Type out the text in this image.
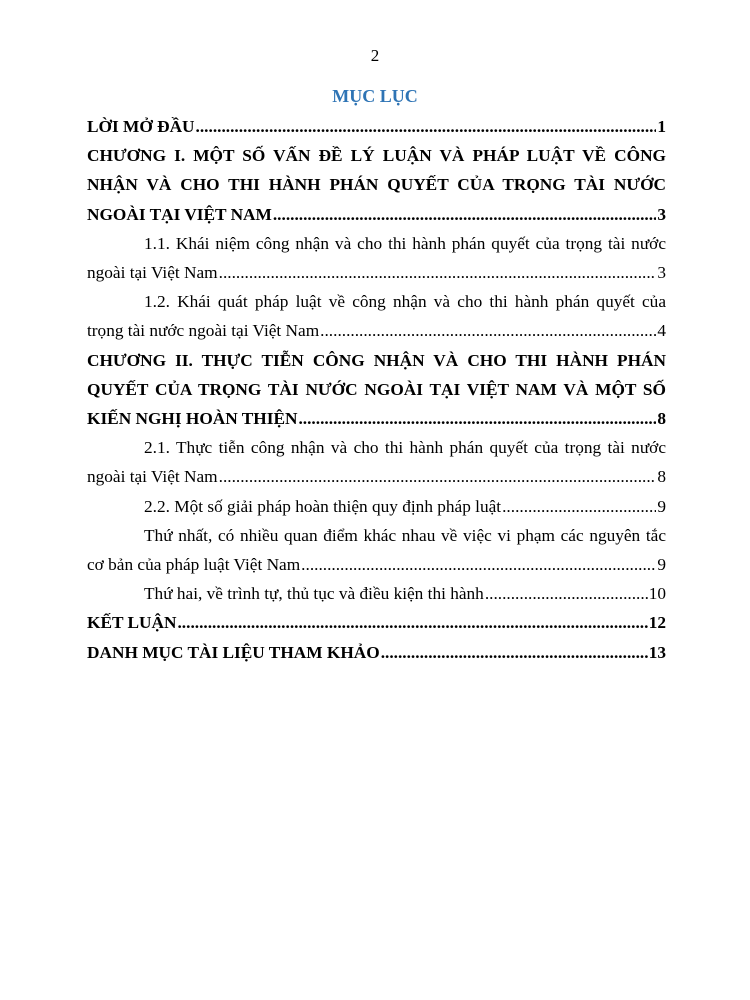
2
MỤC LỤC
LỜI MỞ ĐẦU .....	1
CHƯƠNG I. MỘT SỐ VẤN ĐỀ LÝ LUẬN VÀ PHÁP LUẬT VỀ CÔNG
NHẬN VÀ CHO THI HÀNH PHÁN QUYẾT CỦA TRỌNG TÀI NƯỚC
NGOÀI TẠI VIỆT NAM .....	3
1.1. Khái niệm công nhận và cho thi hành phán quyết của trọng tài nước
ngoài tại Việt Nam .....	3
1.2. Khái quát pháp luật về công nhận và cho thi hành phán quyết của
trọng tài nước ngoài tại Việt Nam .....	4
CHƯƠNG II. THỰC TIỄN CÔNG NHẬN VÀ CHO THI HÀNH PHÁN
QUYẾT CỦA TRỌNG TÀI NƯỚC NGOÀI TẠI VIỆT NAM VÀ MỘT SỐ
KIẾN NGHỊ HOÀN THIỆN .....	8
2.1. Thực tiễn công nhận và cho thi hành phán quyết của trọng tài nước
ngoài tại Việt Nam .....	8
2.2. Một số giải pháp hoàn thiện quy định pháp luật .....	9
Thứ nhất, có nhiều quan điểm khác nhau về việc vi phạm các nguyên tắc
cơ bản của pháp luật Việt Nam .....	9
Thứ hai, về trình tự, thủ tục và điều kiện thi hành .....	10
KẾT LUẬN .....	12
DANH MỤC TÀI LIỆU THAM KHẢO .....	13
